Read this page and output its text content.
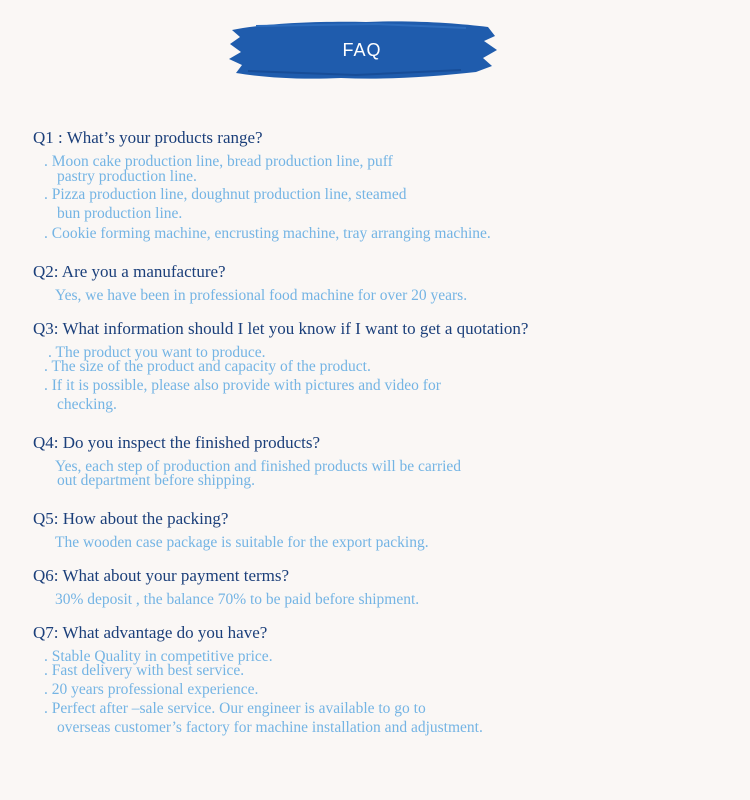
FAQ
Q1 : What’s your products range?

. Moon cake production line, bread production line, puff

pastry production line.

. Pizza production line, doughnut production line, steamed

bun production line.

. Cookie forming machine, encrusting machine, tray arranging machine.

Q2: Are you a manufacture?

Yes, we have been in professional food machine for over 20 years.

Q3: What information should I let you know if I want to get a quotation?

. The product you want to produce.

. The size of the product and capacity of the product.

. If it is possible, please also provide with pictures and video for

checking.

Q4: Do you inspect the finished products?

Yes, each step of production and finished products will be carried

out department before shipping.

Q5: How about the packing?

The wooden case package is suitable for the export packing.

Q6: What about your payment terms?

30% deposit , the balance 70% to be paid before shipment.

Q7: What advantage do you have?

. Stable Quality in competitive price.

. Fast delivery with best service.

. 20 years professional experience.

. Perfect after –sale service. Our engineer is available to go to

overseas customer’s factory for machine installation and adjustment.
